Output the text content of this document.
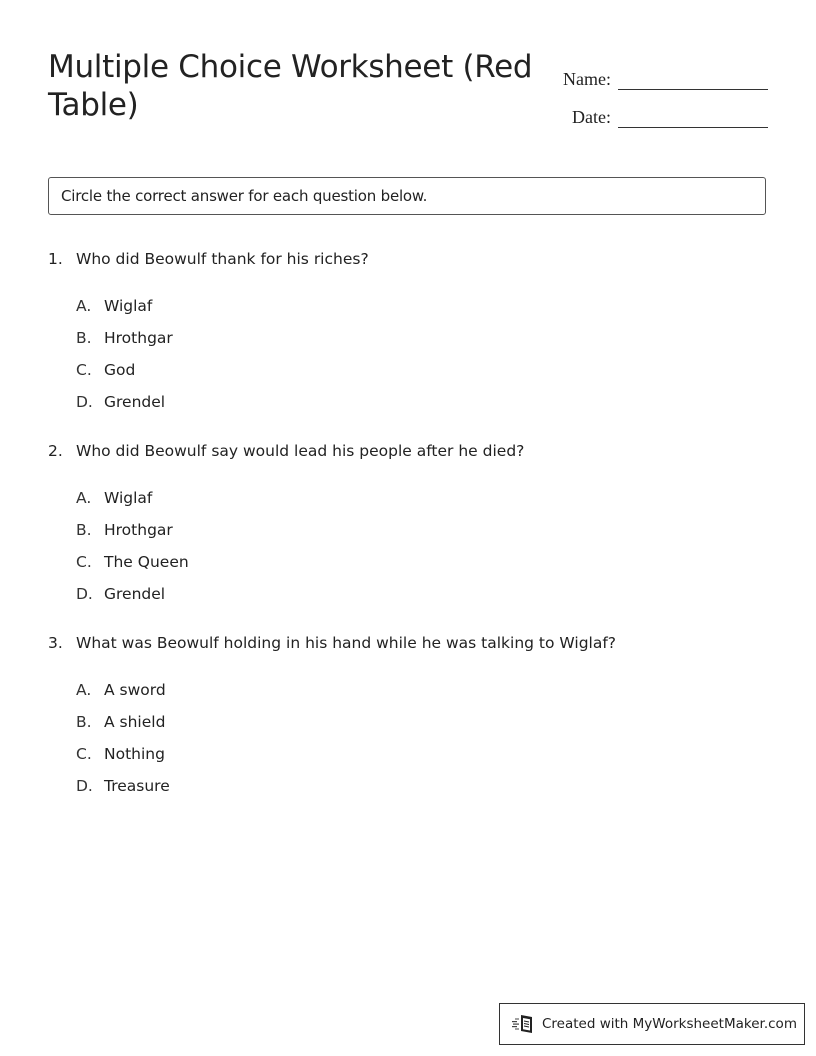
Multiple Choice Worksheet (Red Table)
Name:
Date:
Circle the correct answer for each question below.
1. Who did Beowulf thank for his riches?
A. Wiglaf
B. Hrothgar
C. God
D. Grendel
2. Who did Beowulf say would lead his people after he died?
A. Wiglaf
B. Hrothgar
C. The Queen
D. Grendel
3. What was Beowulf holding in his hand while he was talking to Wiglaf?
A. A sword
B. A shield
C. Nothing
D. Treasure
Created with MyWorksheetMaker.com
